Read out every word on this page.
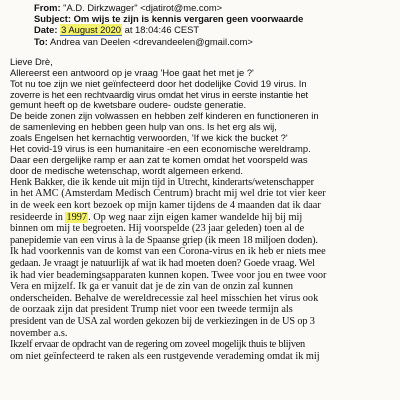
From: "A.D. Dirkzwager" <djatirot@me.com>
Subject: Om wijs te zijn is kennis vergaren geen voorwaarde
Date: 3 August 2020 at 18:04:46 CEST
To: Andrea van Deelen <drevandeelen@gmail.com>
Lieve Drè,
Allereerst een antwoord op je vraag 'Hoe gaat het met je ?'
Tot nu toe zijn we niet geïnfecteerd door het dodelijke Covid 19 virus. In
zoverre is het een rechtvaardig virus omdat het virus in eerste instantie het
gemunt heeft op de kwetsbare oudere- oudste generatie.
De beide zonen zijn volwassen en hebben zelf kinderen en functioneren in
de samenleving en hebben geen hulp van ons. Is het erg als wij,
zoals Engelsen het kernachtig verwoorden, 'If we kick the bucket ?'
Het covid-19 virus is een humanitaire -en een economische wereldramp.
Daar een dergelijke ramp er aan zat te komen omdat het voorspeld was
door de medische wetenschap, wordt algemeen erkend.
Henk Bakker, die ik kende uit mijn tijd in Utrecht, kinderarts/wetenschapper
in het AMC (Amsterdam Medisch Centrum) bracht mij wel drie tot vier keer
in de week een kort bezoek op mijn kamer tijdens de 4 maanden dat ik daar
resideerde in 1997. Op weg naar zijn eigen kamer wandelde hij bij mij
binnen om mij te begroeten. Hij voorspelde (23 jaar geleden) toen al de
panepidemie van een virus à la de Spaanse griep (ik meen 18 miljoen doden).
Ik had voorkennis van de komst van een Corona-virus en ik heb er niets mee
gedaan. Je vraagt je natuurlijk af wat ik had moeten doen? Goede vraag. Wel
ik had vier beademingsapparaten kunnen kopen. Twee voor jou en twee voor
Vera en mijzelf. Ik ga er vanuit dat je de zin van de onzin zal kunnen
onderscheiden. Behalve de wereldrecessie zal heel misschien het virus ook
de oorzaak zijn dat president Trump niet voor een tweede termijn als
president van de USA zal worden gekozen bij de verkiezingen in de US op 3
november a.s.
Ikzelf ervaar de opdracht van de regering om zoveel mogelijk thuis te blijven
om niet geïnfecteerd te raken als een rustgevende verademing omdat ik mij
